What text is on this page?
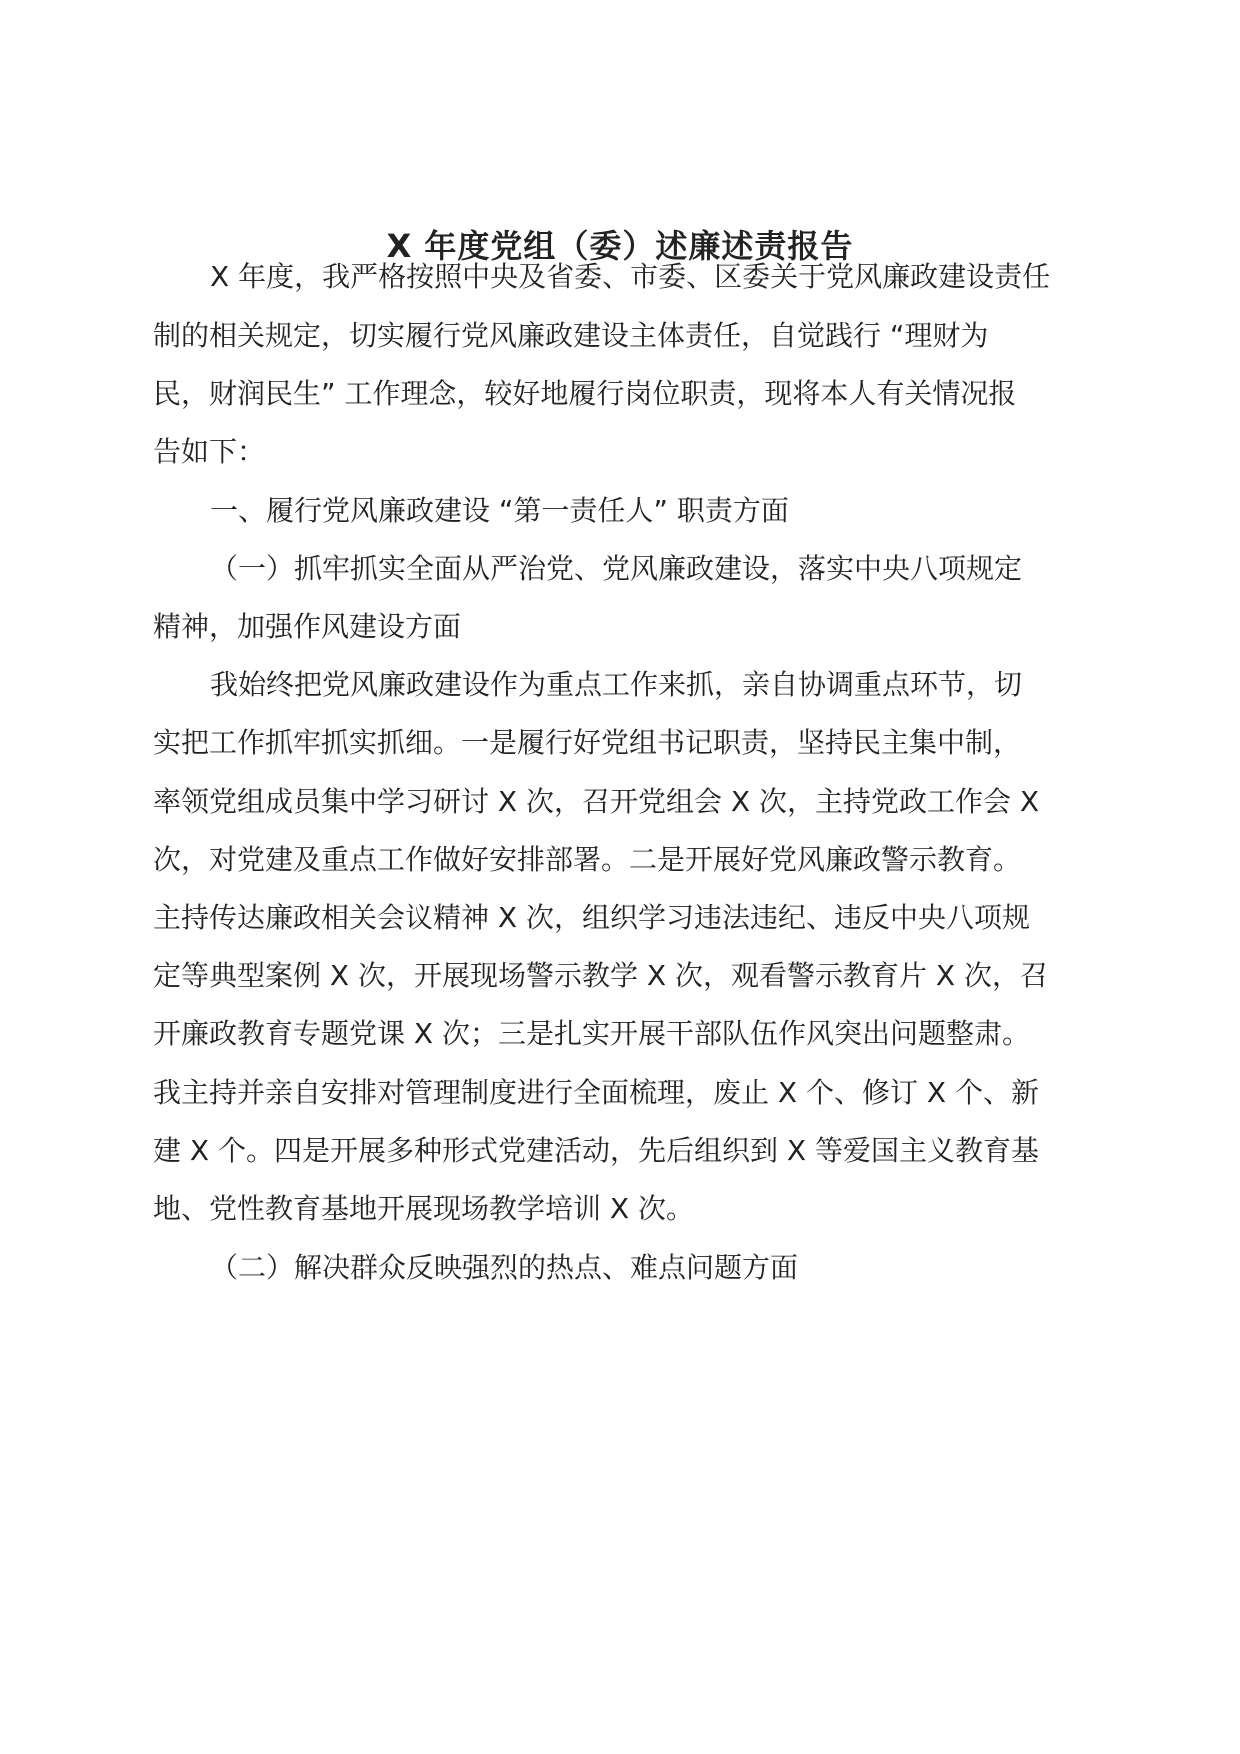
X 年度党组（委）述廉述责报告

X 年度，我严格按照中央及省委、市委、区委关于党风廉政建设责任

制的相关规定，切实履行党风廉政建设主体责任，自觉践行 “理财为

民，财润民生” 工作理念，较好地履行岗位职责，现将本人有关情况报

告如下：

一、履行党风廉政建设 “第一责任人” 职责方面

（一）抓牢抓实全面从严治党、党风廉政建设，落实中央八项规定

精神，加强作风建设方面

我始终把党风廉政建设作为重点工作来抓，亲自协调重点环节，切

实把工作抓牢抓实抓细。一是履行好党组书记职责，坚持民主集中制，

率领党组成员集中学习研讨 X 次，召开党组会 X 次，主持党政工作会 X

次，对党建及重点工作做好安排部署。二是开展好党风廉政警示教育。

主持传达廉政相关会议精神 X 次，组织学习违法违纪、违反中央八项规

定等典型案例 X 次，开展现场警示教学 X 次，观看警示教育片 X 次，召

开廉政教育专题党课 X 次；三是扎实开展干部队伍作风突出问题整肃。

我主持并亲自安排对管理制度进行全面梳理，废止 X 个、修订 X 个、新

建 X 个。四是开展多种形式党建活动，先后组织到 X 等爱国主义教育基

地、党性教育基地开展现场教学培训 X 次。

（二）解决群众反映强烈的热点、难点问题方面
